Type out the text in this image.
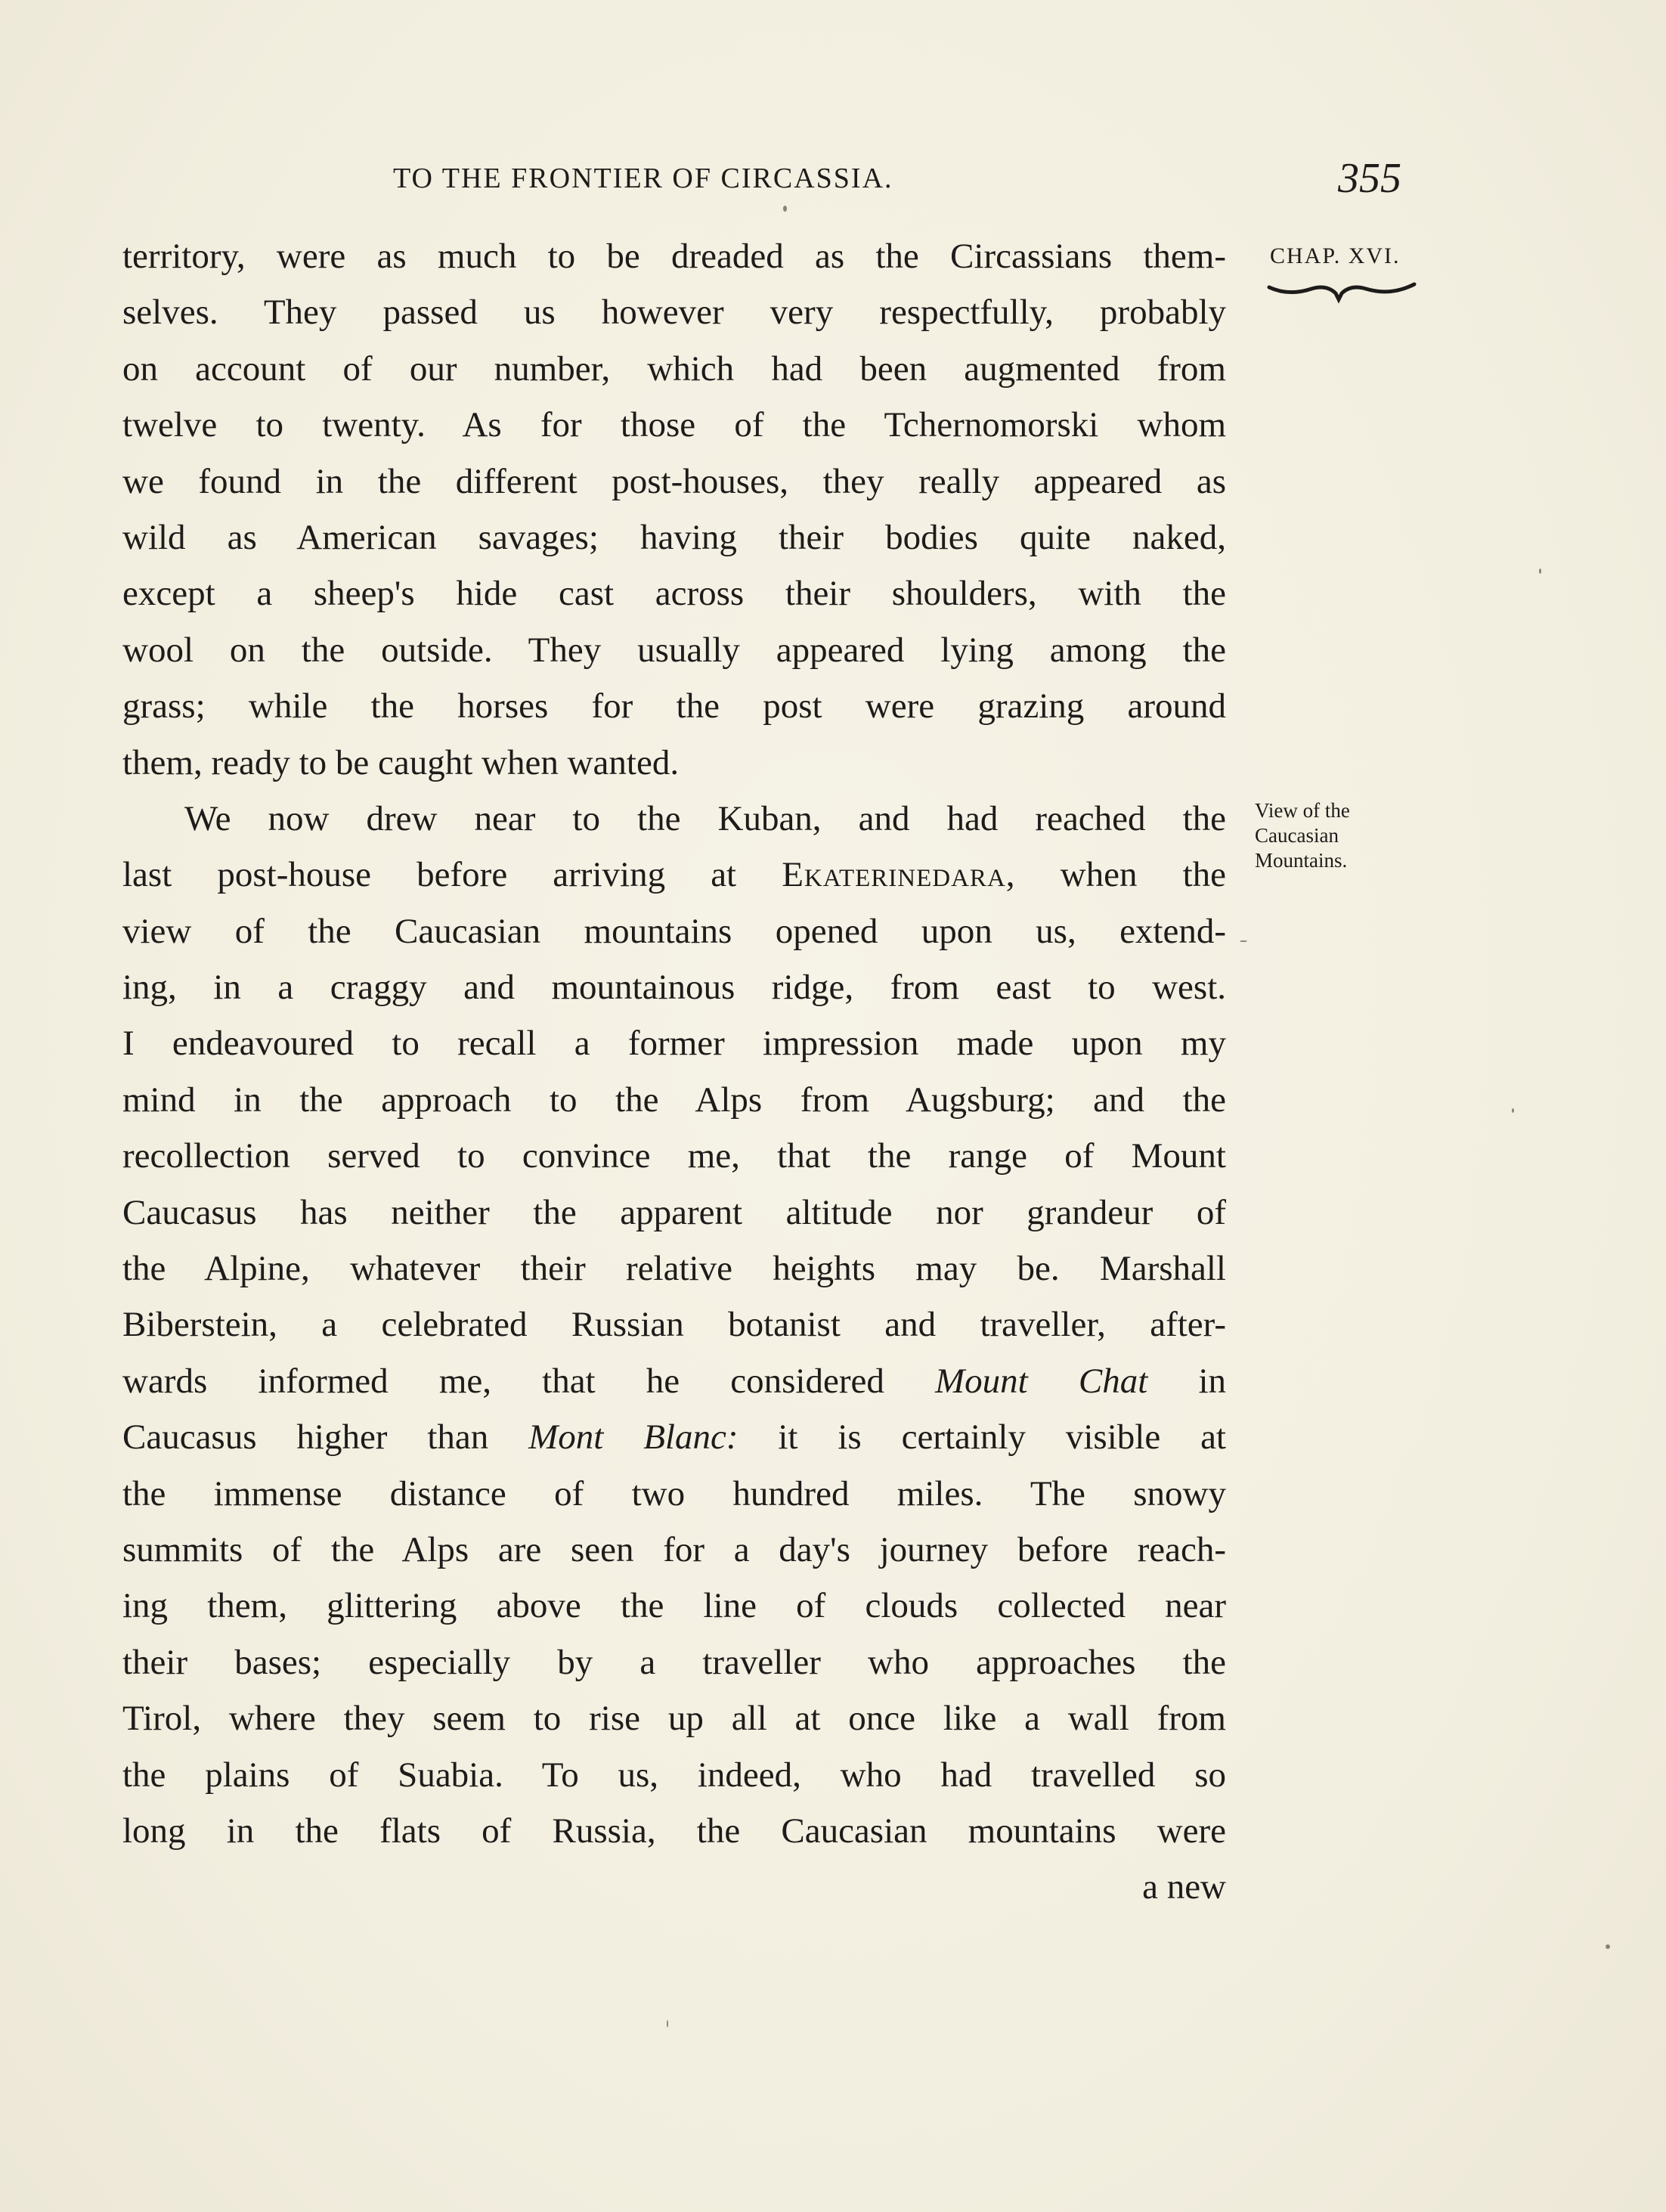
TO THE FRONTIER OF CIRCASSIA.	355
CHAP. XVI.
territory, were as much to be dreaded as the Circassians them-
selves. They passed us however very respectfully, probably
on account of our number, which had been augmented from
twelve to twenty. As for those of the Tchernomorski whom
we found in the different post-houses, they really appeared as
wild as American savages; having their bodies quite naked,
except a sheep's hide cast across their shoulders, with the
wool on the outside. They usually appeared lying among the
grass; while the horses for the post were grazing around
them, ready to be caught when wanted.
We now drew near to the Kuban, and had reached the
last post-house before arriving at Ekaterinedara, when the
view of the Caucasian mountains opened upon us, extend-
ing, in a craggy and mountainous ridge, from east to west.
I endeavoured to recall a former impression made upon my
mind in the approach to the Alps from Augsburg; and the
recollection served to convince me, that the range of Mount
Caucasus has neither the apparent altitude nor grandeur of
the Alpine, whatever their relative heights may be. Marshall
Biberstein, a celebrated Russian botanist and traveller, after-
wards informed me, that he considered Mount Chat in
Caucasus higher than Mont Blanc: it is certainly visible at
the immense distance of two hundred miles. The snowy
summits of the Alps are seen for a day's journey before reach-
ing them, glittering above the line of clouds collected near
their bases; especially by a traveller who approaches the
Tirol, where they seem to rise up all at once like a wall from
the plains of Suabia. To us, indeed, who had travelled so
long in the flats of Russia, the Caucasian mountains were
a new
View of the
Caucasian
Mountains.
